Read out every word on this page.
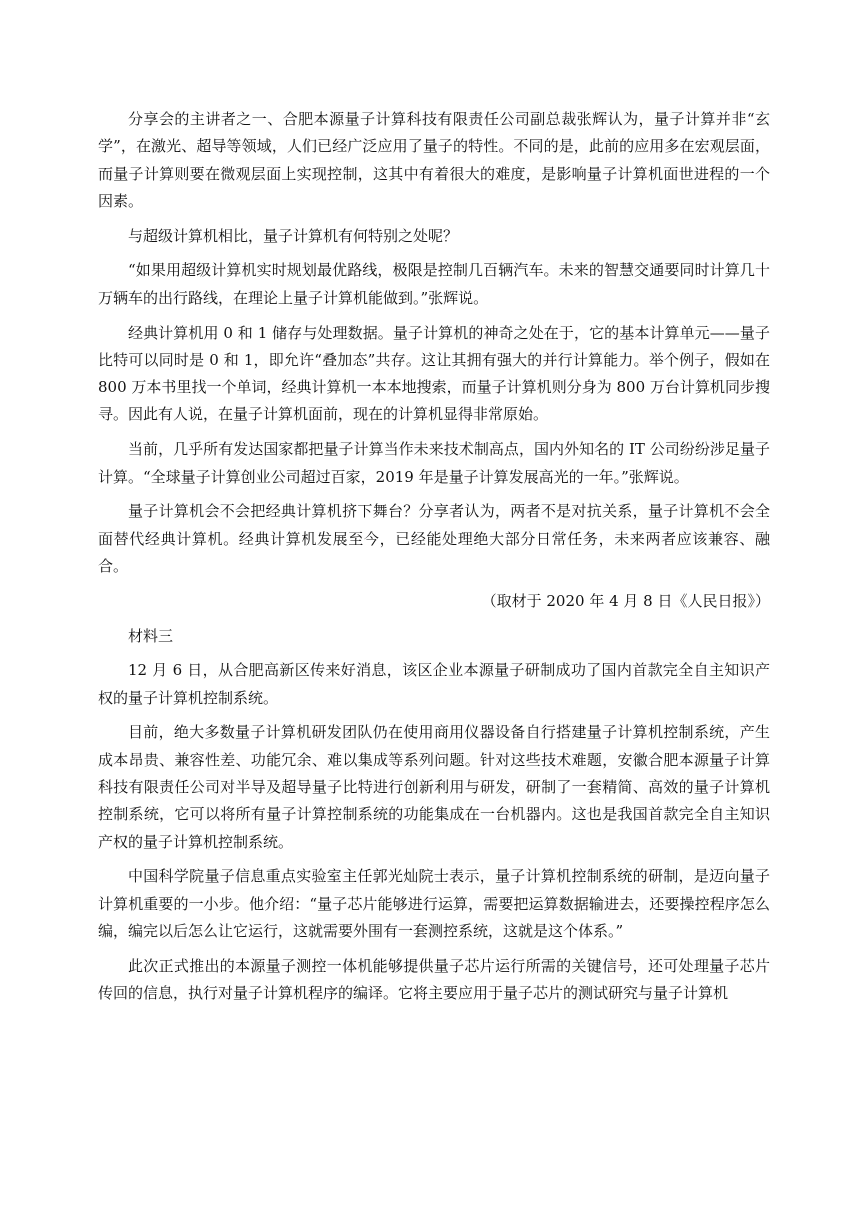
分享会的主讲者之一、合肥本源量子计算科技有限责任公司副总裁张辉认为，量子计算并非“玄学”，在激光、超导等领域，人们已经广泛应用了量子的特性。不同的是，此前的应用多在宏观层面，而量子计算则要在微观层面上实现控制，这其中有着很大的难度，是影响量子计算机面世进程的一个因素。

与超级计算机相比，量子计算机有何特别之处呢？

“如果用超级计算机实时规划最优路线，极限是控制几百辆汽车。未来的智慧交通要同时计算几十万辆车的出行路线，在理论上量子计算机能做到。”张辉说。

经典计算机用 0 和 1 储存与处理数据。量子计算机的神奇之处在于，它的基本计算单元——量子比特可以同时是 0 和 1，即允许“叠加态”共存。这让其拥有强大的并行计算能力。举个例子，假如在 800 万本书里找一个单词，经典计算机一本本地搜索，而量子计算机则分身为 800 万台计算机同步搜寻。因此有人说，在量子计算机面前，现在的计算机显得非常原始。

当前，几乎所有发达国家都把量子计算当作未来技术制高点，国内外知名的 IT 公司纷纷涉足量子计算。“全球量子计算创业公司超过百家，2019 年是量子计算发展高光的一年。”张辉说。

量子计算机会不会把经典计算机挤下舞台？分享者认为，两者不是对抗关系，量子计算机不会全面替代经典计算机。经典计算机发展至今，已经能处理绝大部分日常任务，未来两者应该兼容、融合。

（取材于 2020 年 4 月 8 日《人民日报》）

材料三

12 月 6 日，从合肥高新区传来好消息，该区企业本源量子研制成功了国内首款完全自主知识产权的量子计算机控制系统。

目前，绝大多数量子计算机研发团队仍在使用商用仪器设备自行搭建量子计算机控制系统，产生成本昂贵、兼容性差、功能冗余、难以集成等系列问题。针对这些技术难题，安徽合肥本源量子计算科技有限责任公司对半导及超导量子比特进行创新利用与研发，研制了一套精简、高效的量子计算机控制系统，它可以将所有量子计算控制系统的功能集成在一台机器内。这也是我国首款完全自主知识产权的量子计算机控制系统。

中国科学院量子信息重点实验室主任郭光灿院士表示，量子计算机控制系统的研制，是迈向量子计算机重要的一小步。他介绍：“量子芯片能够进行运算，需要把运算数据输进去，还要操控程序怎么编，编完以后怎么让它运行，这就需要外围有一套测控系统，这就是这个体系。”

此次正式推出的本源量子测控一体机能够提供量子芯片运行所需的关键信号，还可处理量子芯片传回的信息，执行对量子计算机程序的编译。它将主要应用于量子芯片的测试研究与量子计算机
